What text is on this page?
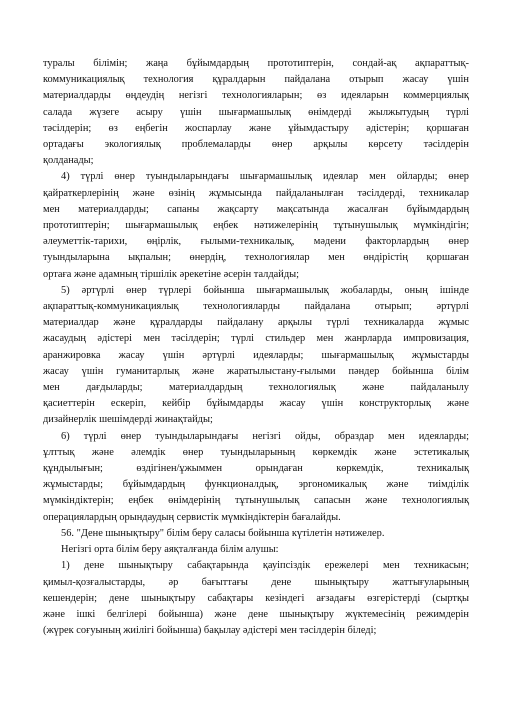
туралы білімін; жаңа бұйымдардың прототиптерін, сондай-ақ ақпараттық-
коммуникациялық технология құралдарын пайдалана отырып жасау үшін
материалдарды өңдеудің негізгі технологияларын; өз идеяларын коммерциялық
салада жүзеге асыру үшін шығармашылық өнімдерді жылжытудың түрлі
тәсілдерін; өз еңбегін жоспарлау және ұйымдастыру әдістерін; қоршаған
ортадағы экологиялық проблемаларды өнер арқылы көрсету тәсілдерін
қолданады;
4) түрлі өнер туындыларындағы шығармашылық идеялар мен ойларды; өнер
қайраткерлерінің және өзінің жұмысында пайдаланылған тәсілдерді, техникалар
мен материалдарды; сапаны жақсарту мақсатында жасалған бұйымдардың
прототиптерін; шығармашылық еңбек нәтижелерінің тұтынушылық мүмкіндігін;
әлеуметтік-тарихи, өңірлік, ғылыми-техникалық, мәдени факторлардың өнер
туындыларына ықпалын; өнердің, технологиялар мен өндірістің қоршаған
ортаға және адамның тіршілік әрекетіне әсерін талдайды;
5) әртүрлі өнер түрлері бойынша шығармашылық жобаларды, оның ішінде
ақпараттық-коммуникациялық технологияларды пайдалана отырып; әртүрлі
материалдар және құралдарды пайдалану арқылы түрлі техникаларда жұмыс
жасаудың әдістері мен тәсілдерін; түрлі стильдер мен жанрларда импровизация,
аранжировка жасау үшін әртүрлі идеяларды; шығармашылық жұмыстарды
жасау үшін гуманитарлық және жаратылыстану-ғылыми пәндер бойынша білім
мен дағдыларды; материалдардың технологиялық және пайдаланылу
қасиеттерін ескеріп, кейбір бұйымдарды жасау үшін конструкторлық және
дизайнерлік шешімдерді жинақтайды;
6) түрлі өнер туындыларындағы негізгі ойды, образдар мен идеяларды;
ұлттық және әлемдік өнер туындыларының көркемдік және эстетикалық
құндылығын; өздігінен/ұжыммен орындаған көркемдік, техникалық
жұмыстарды; бұйымдардың функционалдық, эргономикалық және тиімділік
мүмкіндіктерін; еңбек өнімдерінің тұтынушылық сапасын және технологиялық
операциялардың орындаудың сервистік мүмкіндіктерін бағалайды.
56. "Дене шынықтыру" білім беру саласы бойынша күтілетін нәтижелер.
Негізгі орта білім беру аяқталғанда білім алушы:
1) дене шынықтыру сабақтарында қауіпсіздік ережелері мен техникасын;
қимыл-қозғалыстарды, әр бағыттағы дене шынықтыру жаттығуларының
кешендерін; дене шынықтыру сабақтары кезіндегі ағзадағы өзгерістерді (сыртқы
және ішкі белгілері бойынша) және дене шынықтыру жүктемесінің режимдерін
(жүрек соғуының жиілігі бойынша) бақылау әдістері мен тәсілдерін біледі;
